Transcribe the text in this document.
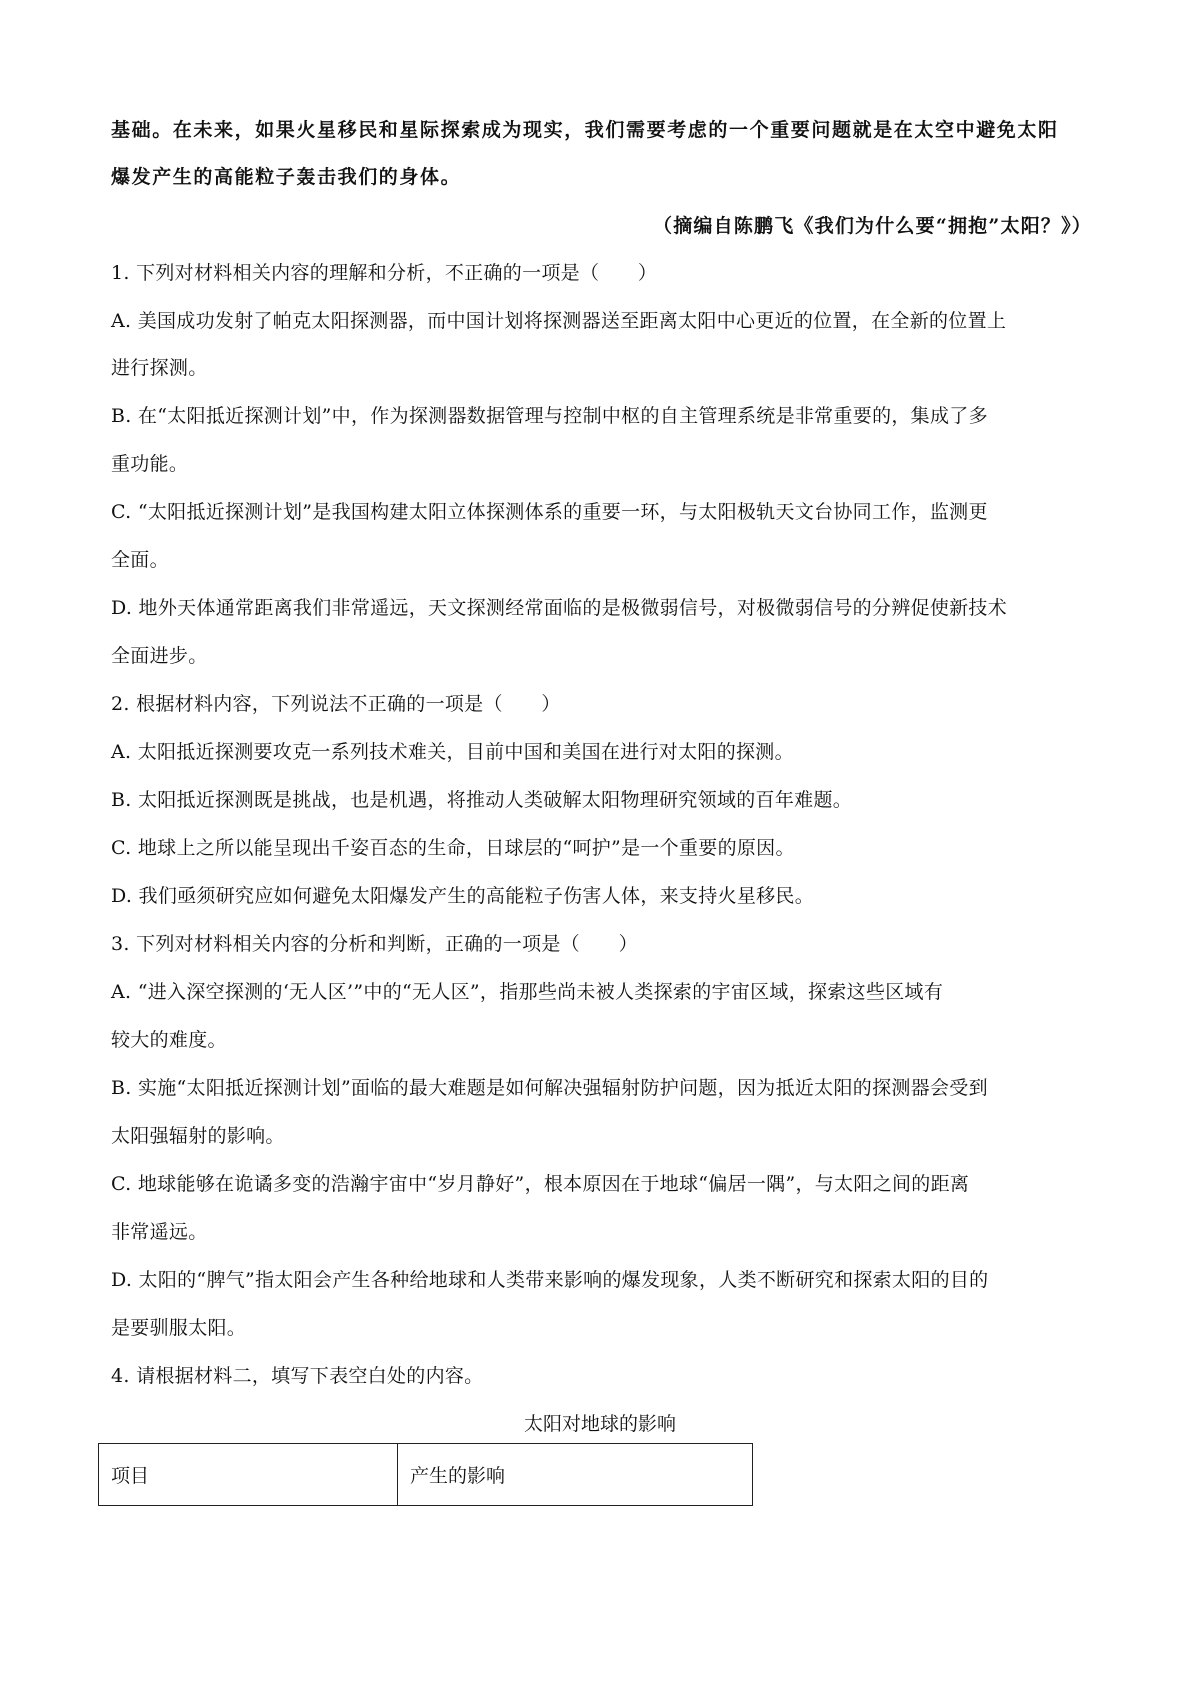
基础。在未来，如果火星移民和星际探索成为现实，我们需要考虑的一个重要问题就是在太空中避免太阳
爆发产生的高能粒子轰击我们的身体。
（摘编自陈鹏飞《我们为什么要“拥抱”太阳？》）
1. 下列对材料相关内容的理解和分析，不正确的一项是（　　）
A. 美国成功发射了帕克太阳探测器，而中国计划将探测器送至距离太阳中心更近的位置，在全新的位置上
进行探测。
B. 在“太阳抵近探测计划”中，作为探测器数据管理与控制中枢的自主管理系统是非常重要的，集成了多
重功能。
C. “太阳抵近探测计划”是我国构建太阳立体探测体系的重要一环，与太阳极轨天文台协同工作，监测更
全面。
D. 地外天体通常距离我们非常遥远，天文探测经常面临的是极微弱信号，对极微弱信号的分辨促使新技术
全面进步。
2. 根据材料内容，下列说法不正确的一项是（　　）
A. 太阳抵近探测要攻克一系列技术难关，目前中国和美国在进行对太阳的探测。
B. 太阳抵近探测既是挑战，也是机遇，将推动人类破解太阳物理研究领域的百年难题。
C. 地球上之所以能呈现出千姿百态的生命，日球层的“呵护”是一个重要的原因。
D. 我们亟须研究应如何避免太阳爆发产生的高能粒子伤害人体，来支持火星移民。
3. 下列对材料相关内容的分析和判断，正确的一项是（　　）
A. “进入深空探测的‘无人区’”中的“无人区”，指那些尚未被人类探索的宇宙区域，探索这些区域有
较大的难度。
B. 实施“太阳抵近探测计划”面临的最大难题是如何解决强辐射防护问题，因为抵近太阳的探测器会受到
太阳强辐射的影响。
C. 地球能够在诡谲多变的浩瀚宇宙中“岁月静好”，根本原因在于地球“偏居一隅”，与太阳之间的距离
非常遥远。
D. 太阳的“脾气”指太阳会产生各种给地球和人类带来影响的爆发现象，人类不断研究和探索太阳的目的
是要驯服太阳。
4. 请根据材料二，填写下表空白处的内容。
太阳对地球的影响
项目	产生的影响
